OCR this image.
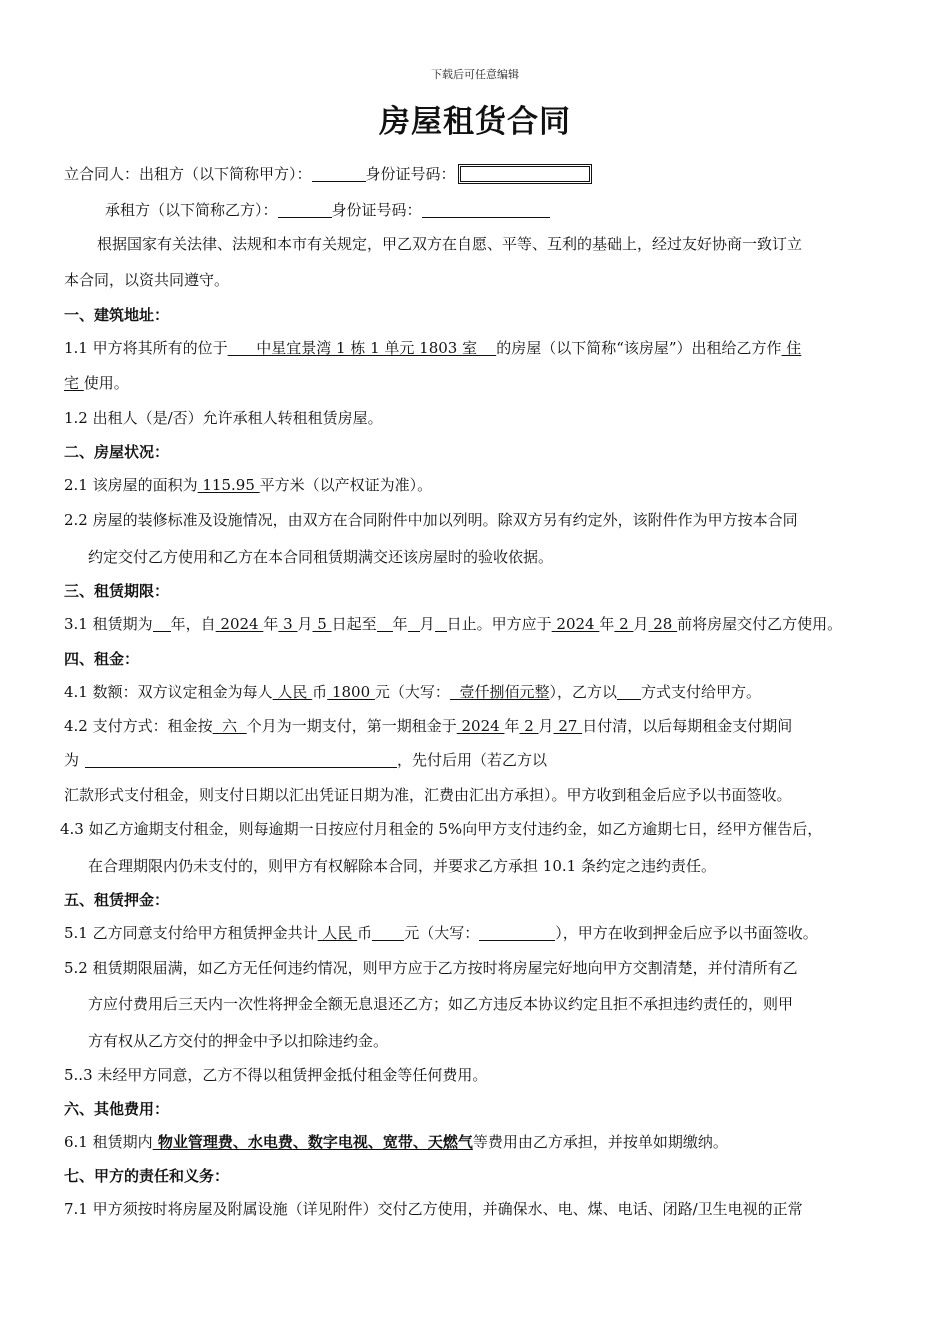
下载后可任意编辑
房屋租货合同
立合同人：出租方（以下简称甲方）：	身份证号码：
承租方（以下简称乙方）：	身份证号码：
根据国家有关法律、法规和本市有关规定，甲乙双方在自愿、平等、互利的基础上，经过友好协商一致订立
本合同，以资共同遵守。
一、建筑地址：
1.1 甲方将其所有的位于      中星宜景湾 1 栋 1 单元 1803 室    的房屋（以下简称“该房屋”）出租给乙方作 住
宅 使用。
1.2 出租人（是/否）允许承租人转租租赁房屋。
二、房屋状况：
2.1 该房屋的面积为 115.95 平方米（以产权证为准）。
2.2 房屋的装修标准及设施情况，由双方在合同附件中加以列明。除双方另有约定外，该附件作为甲方按本合同
约定交付乙方使用和乙方在本合同租赁期满交还该房屋时的验收依据。
三、租赁期限：
3.1 租赁期为 年，自 2024 年 3 月 5 日起至 年 月 日止。甲方应于 2024 年 2 月 28 前将房屋交付乙方使用。
四、租金：
4.1 数额：双方议定租金为每人 人民 币 1800 元（大写：  壹仟捌佰元整），乙方以 方式支付给甲方。
4.2 支付方式：租金按  六  个月为一期支付，第一期租金于 2024 年 2 月 27 日付清，以后每期租金支付期间
为	，先付后用（若乙方以
汇款形式支付租金，则支付日期以汇出凭证日期为准，汇费由汇出方承担）。甲方收到租金后应予以书面签收。
4.3 如乙方逾期支付租金，则每逾期一日按应付月租金的 5%向甲方支付违约金，如乙方逾期七日，经甲方催告后，
在合理期限内仍未支付的，则甲方有权解除本合同，并要求乙方承担 10.1 条约定之违约责任。
五、租赁押金：
5.1 乙方同意支付给甲方租赁押金共计 人民 币 元（大写：	），甲方在收到押金后应予以书面签收。
5.2 租赁期限届满，如乙方无任何违约情况，则甲方应于乙方按时将房屋完好地向甲方交割清楚，并付清所有乙
方应付费用后三天内一次性将押金全额无息退还乙方；如乙方违反本协议约定且拒不承担违约责任的，则甲
方有权从乙方交付的押金中予以扣除违约金。
5..3 未经甲方同意，乙方不得以租赁押金抵付租金等任何费用。
六、其他费用：
6.1 租赁期内 物业管理费、水电费、数字电视、宽带、天燃气等费用由乙方承担，并按单如期缴纳。
七、甲方的责任和义务：
7.1 甲方须按时将房屋及附属设施（详见附件）交付乙方使用，并确保水、电、煤、电话、闭路/卫生电视的正常
